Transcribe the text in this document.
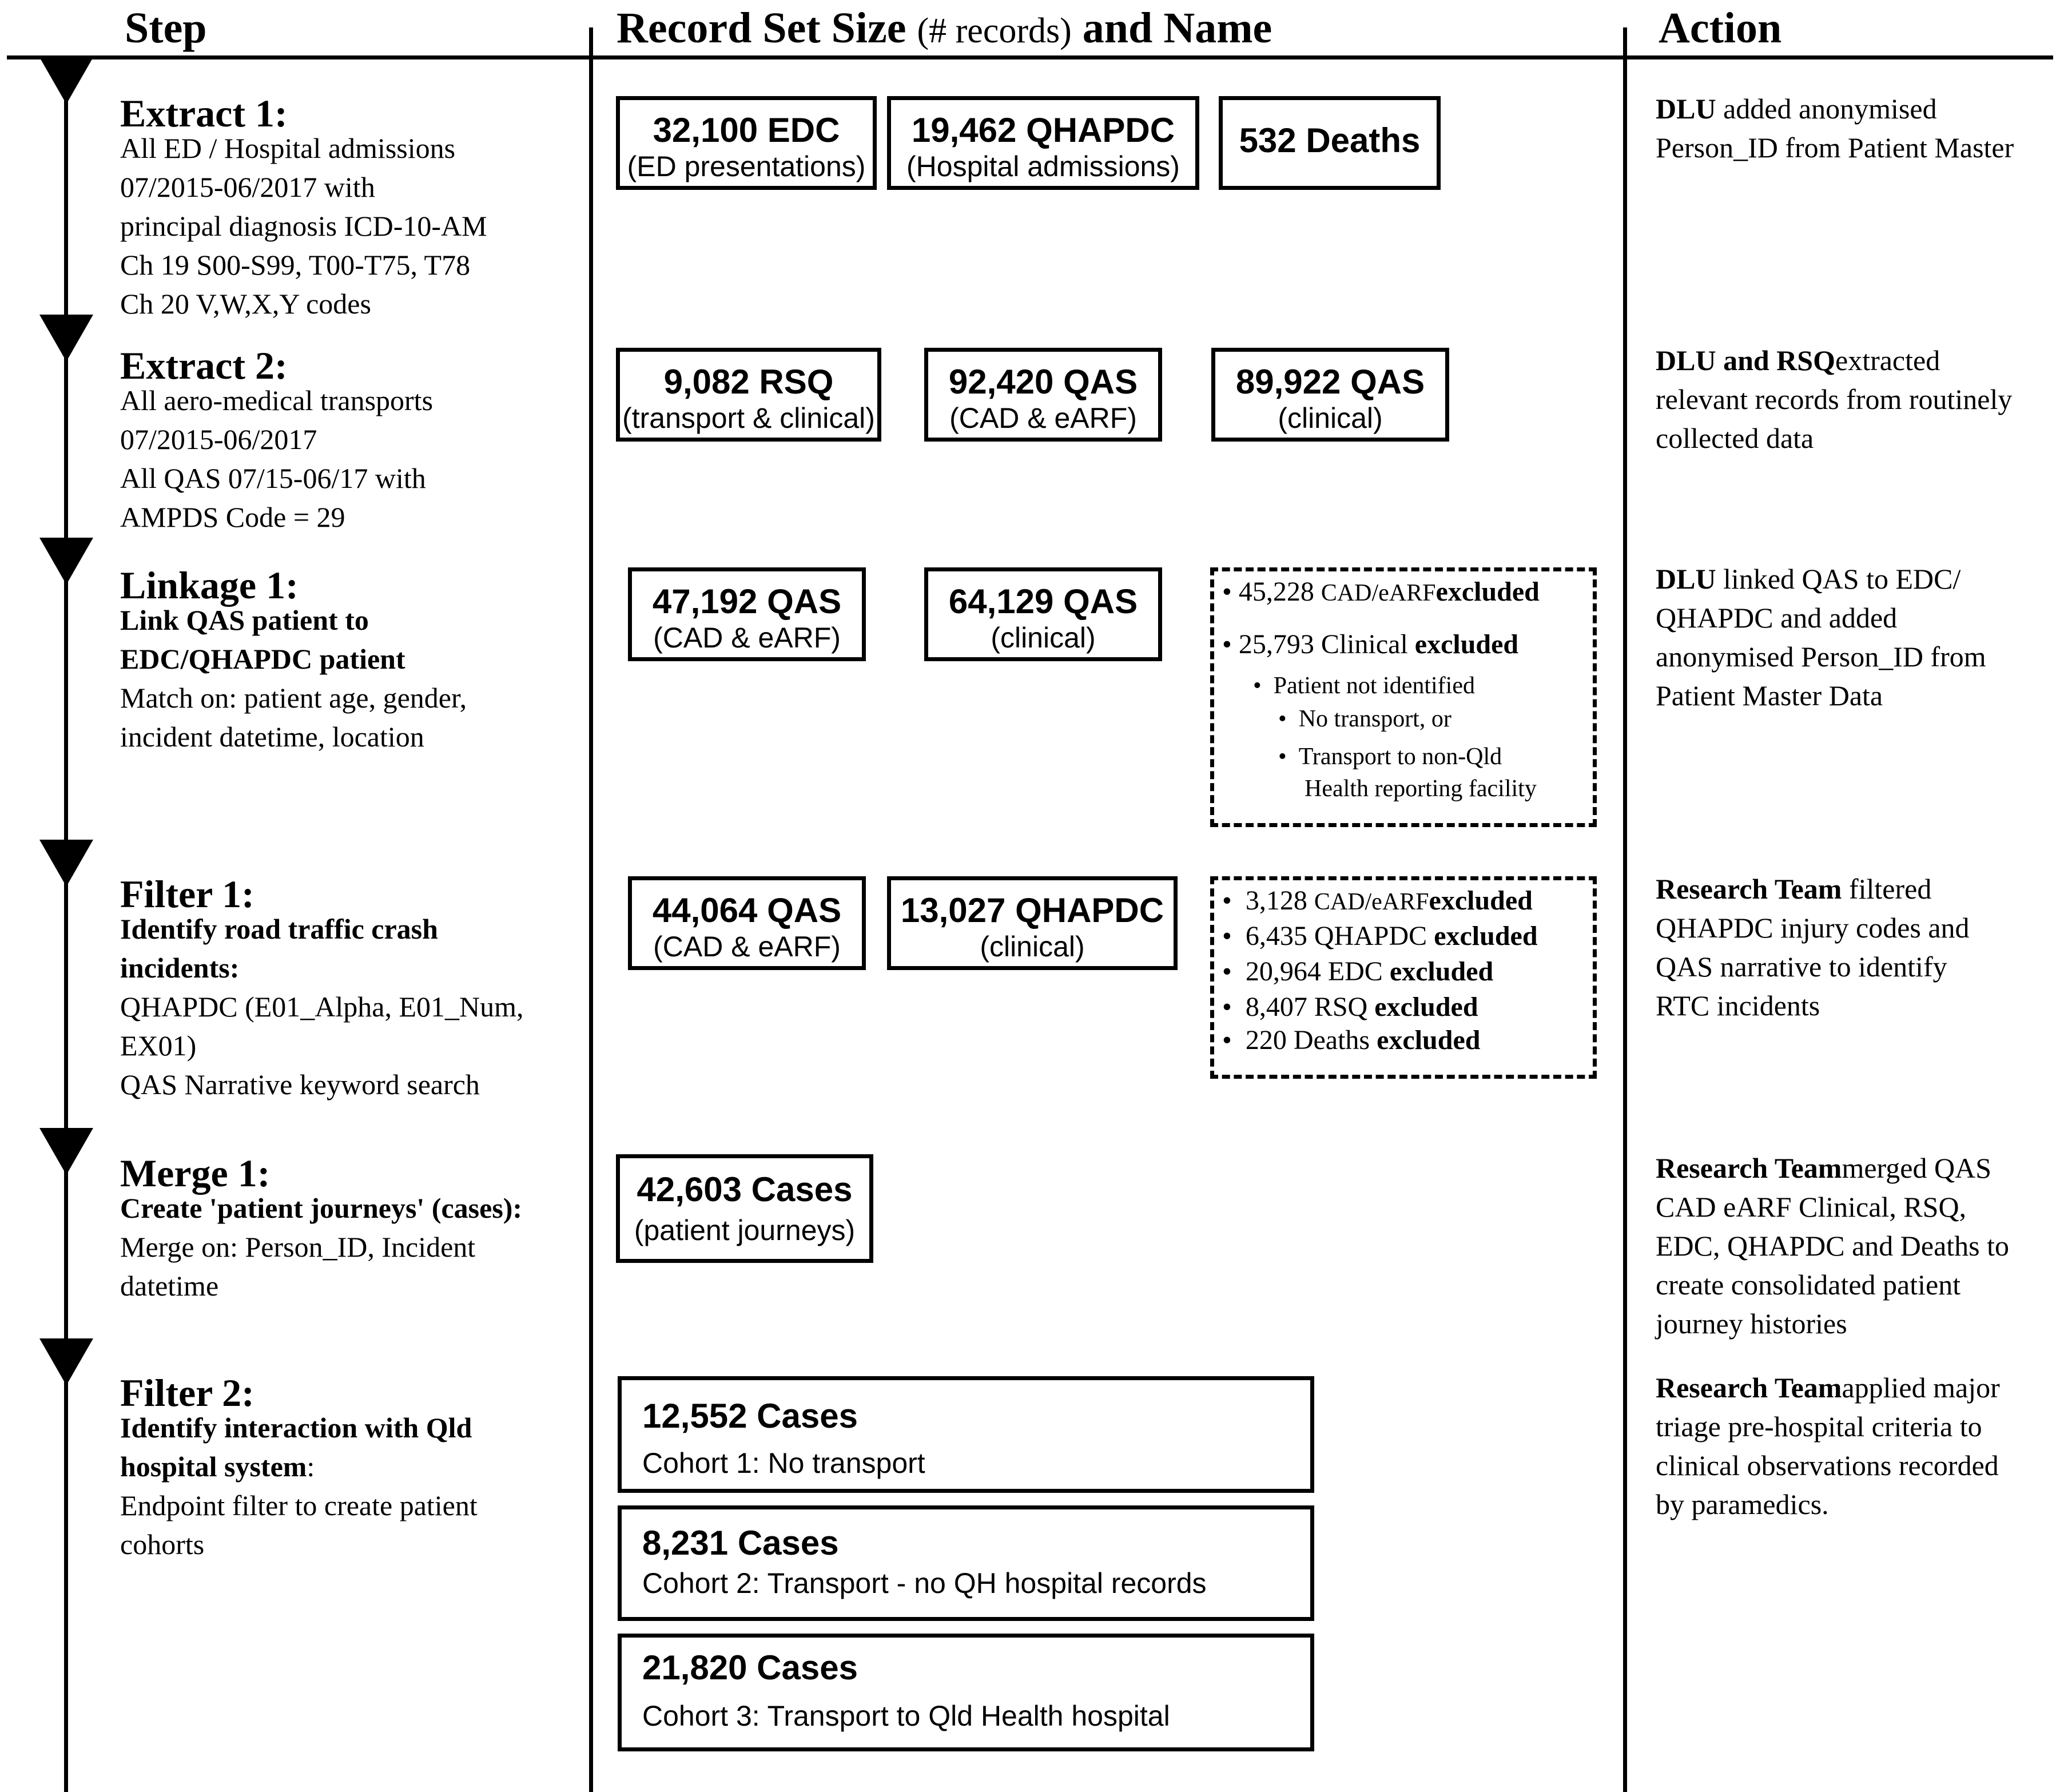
Step	Record Set Size (# records) and Name	Action
Extract 1:
All ED / Hospital admissions
07/2015-06/2017 with
principal diagnosis ICD-10-AM
Ch 19 S00-S99, T00-T75, T78
Ch 20 V,W,X,Y codes
Extract 2:
All aero-medical transports
07/2015-06/2017
All QAS 07/15-06/17 with
AMPDS Code = 29
Linkage 1:
Link QAS patient to
EDC/QHAPDC patient
Match on: patient age, gender,
incident datetime, location
Filter 1:
Identify road traffic crash
incidents:
QHAPDC (E01_Alpha, E01_Num,
EX01)
QAS Narrative keyword search
Merge 1:
Create 'patient journeys' (cases):
Merge on: Person_ID, Incident
datetime
Filter 2:
Identify interaction with Qld
hospital system:
Endpoint filter to create patient
cohorts
32,100 EDC
(ED presentations)
19,462 QHAPDC
(Hospital admissions)
532 Deaths
9,082 RSQ
(transport & clinical)
92,420 QAS
(CAD & eARF)
89,922 QAS
(clinical)
47,192 QAS
(CAD & eARF)
64,129 QAS
(clinical)
• 45,228 CAD/eARFexcluded
• 25,793 Clinical excluded
• Patient not identified
• No transport, or
• Transport to non-Qld
Health reporting facility
44,064 QAS
(CAD & eARF)
13,027 QHAPDC
(clinical)
• 3,128 CAD/eARFexcluded
• 6,435 QHAPDC excluded
• 20,964 EDC excluded
• 8,407 RSQ excluded
• 220 Deaths excluded
42,603 Cases
(patient journeys)
12,552 Cases
Cohort 1: No transport
8,231 Cases
Cohort 2: Transport - no QH hospital records
21,820 Cases
Cohort 3: Transport to Qld Health hospital
DLU added anonymised
Person_ID from Patient Master
DLU and RSQextracted
relevant records from routinely
collected data
DLU linked QAS to EDC/
QHAPDC and added
anonymised Person_ID from
Patient Master Data
Research Team filtered
QHAPDC injury codes and
QAS narrative to identify
RTC incidents
Research Teammerged QAS
CAD eARF Clinical, RSQ,
EDC, QHAPDC and Deaths to
create consolidated patient
journey histories
Research Teamapplied major
triage pre-hospital criteria to
clinical observations recorded
by paramedics.
